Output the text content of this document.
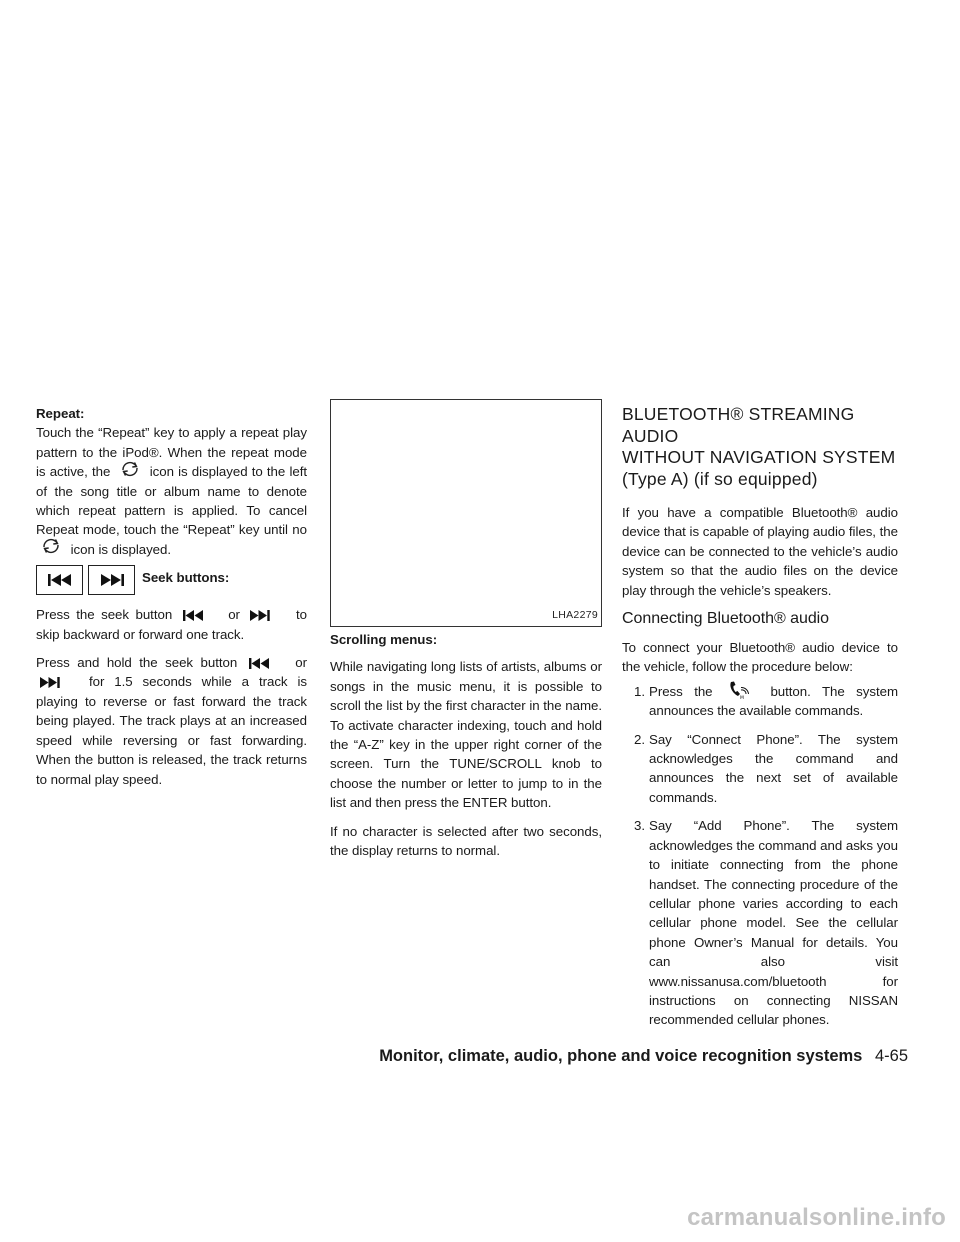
Repeat:
Touch the “Repeat” key to apply a repeat play pattern to the iPod®. When the repeat mode is active, the	icon is displayed to the left of the song title or album name to denote which repeat pattern is applied. To cancel Repeat mode, touch the “Repeat” key until no  icon is displayed.

Seek buttons:

Press the seek button	or	to skip backward or forward one track.

Press and hold the seek button	or  for 1.5 seconds while a track is playing to reverse or fast forward the track being played. The track plays at an increased speed while reversing or fast forwarding. When the button is released, the track returns to normal play speed.

LHA2279
Scrolling menus:

While navigating long lists of artists, albums or songs in the music menu, it is possible to scroll the list by the first character in the name. To activate character indexing, touch and hold the “A-Z” key in the upper right corner of the screen. Turn the TUNE/SCROLL knob to choose the number or letter to jump to in the list and then press the ENTER button.

If no character is selected after two seconds, the display returns to normal.

BLUETOOTH® STREAMING AUDIO
WITHOUT NAVIGATION SYSTEM
(Type A) (if so equipped)

If you have a compatible Bluetooth® audio device that is capable of playing audio files, the device can be connected to the vehicle’s audio system so that the audio files on the device play through the vehicle’s speakers.

Connecting Bluetooth® audio

To connect your Bluetooth® audio device to the vehicle, follow the procedure below:

1. Press the	M button. The system announces the available commands.
2. Say “Connect Phone”. The system acknowledges the command and announces the next set of available commands.
3. Say “Add Phone”. The system acknowledges the command and asks you to initiate connecting from the phone handset. The connecting procedure of the cellular phone varies according to each cellular phone model. See the cellular phone Owner’s Manual for details. You can also visit www.nissanusa.com/bluetooth for instructions on connecting NISSAN recommended cellular phones.
Monitor, climate, audio, phone and voice recognition systems 4-65
carmanualsonline.info
